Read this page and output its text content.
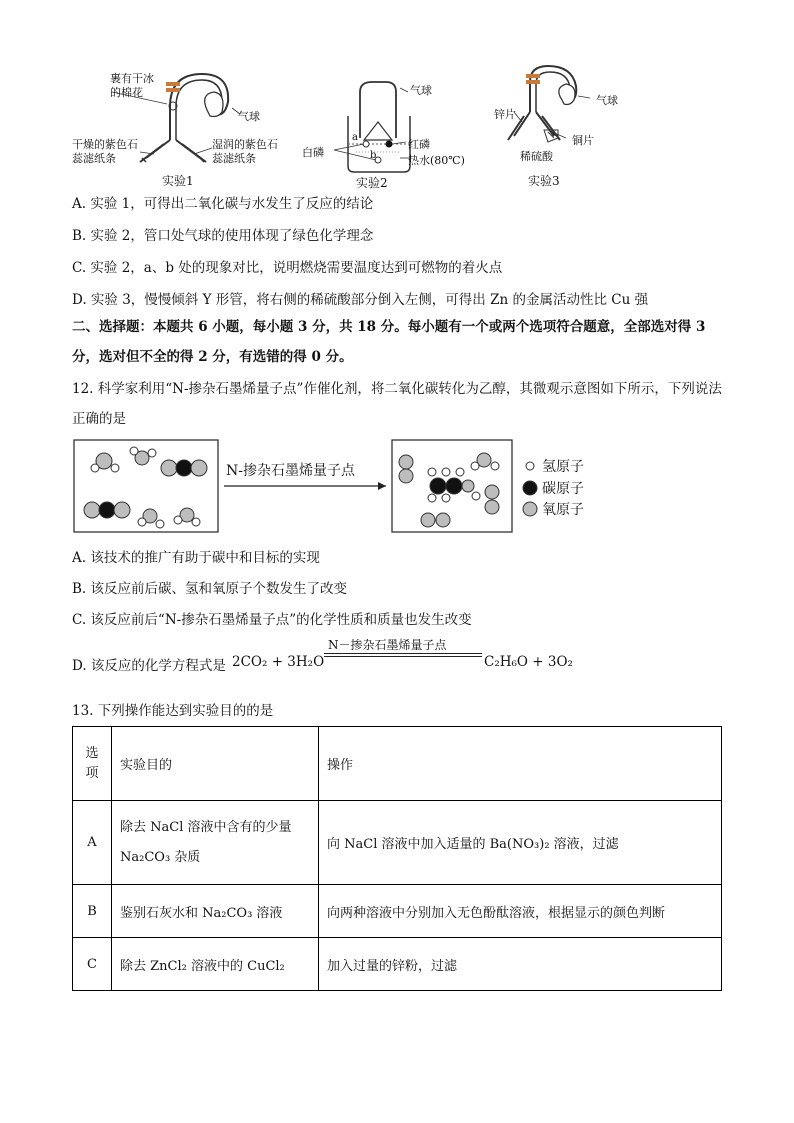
裹有干冰的棉花
气球
干燥的紫色石蕊滤纸条
湿润的紫色石蕊滤纸条
实验1
气球
白磷
红磷
热水(80℃)
a
b
实验2
气球
锌片
铜片
稀硫酸
实验3
A. 实验 1，可得出二氧化碳与水发生了反应的结论
B. 实验 2，管口处气球的使用体现了绿色化学理念
C. 实验 2，a、b 处的现象对比，说明燃烧需要温度达到可燃物的着火点
D. 实验 3，慢慢倾斜 Y 形管，将右侧的稀硫酸部分倒入左侧，可得出 Zn 的金属活动性比 Cu 强
二、选择题：本题共 6 小题，每小题 3 分，共 18 分。每小题有一个或两个选项符合题意，全部选对得 3 分，选对但不全的得 2 分，有选错的得 0 分。
12. 科学家利用“N-掺杂石墨烯量子点”作催化剂，将二氧化碳转化为乙醇，其微观示意图如下所示，下列说法正确的是
N-掺杂石墨烯量子点	氢原子
碳原子
氧原子
A. 该技术的推广有助于碳中和目标的实现
B. 该反应前后碳、氢和氧原子个数发生了改变
C. 该反应前后“N-掺杂石墨烯量子点”的化学性质和质量也发生改变
D. 该反应的化学方程式是 2CO₂ + 3H₂O
N－掺杂石墨烯量子点
C₂H₆O + 3O₂
13. 下列操作能达到实验目的的是
选项	实验目的	操作
A	除去 NaCl 溶液中含有的少量 Na₂CO₃ 杂质	向 NaCl 溶液中加入适量的 Ba(NO₃)₂ 溶液，过滤
B	鉴别石灰水和 Na₂CO₃ 溶液	向两种溶液中分别加入无色酚酞溶液，根据显示的颜色判断
C	除去 ZnCl₂ 溶液中的 CuCl₂	加入过量的锌粉，过滤
